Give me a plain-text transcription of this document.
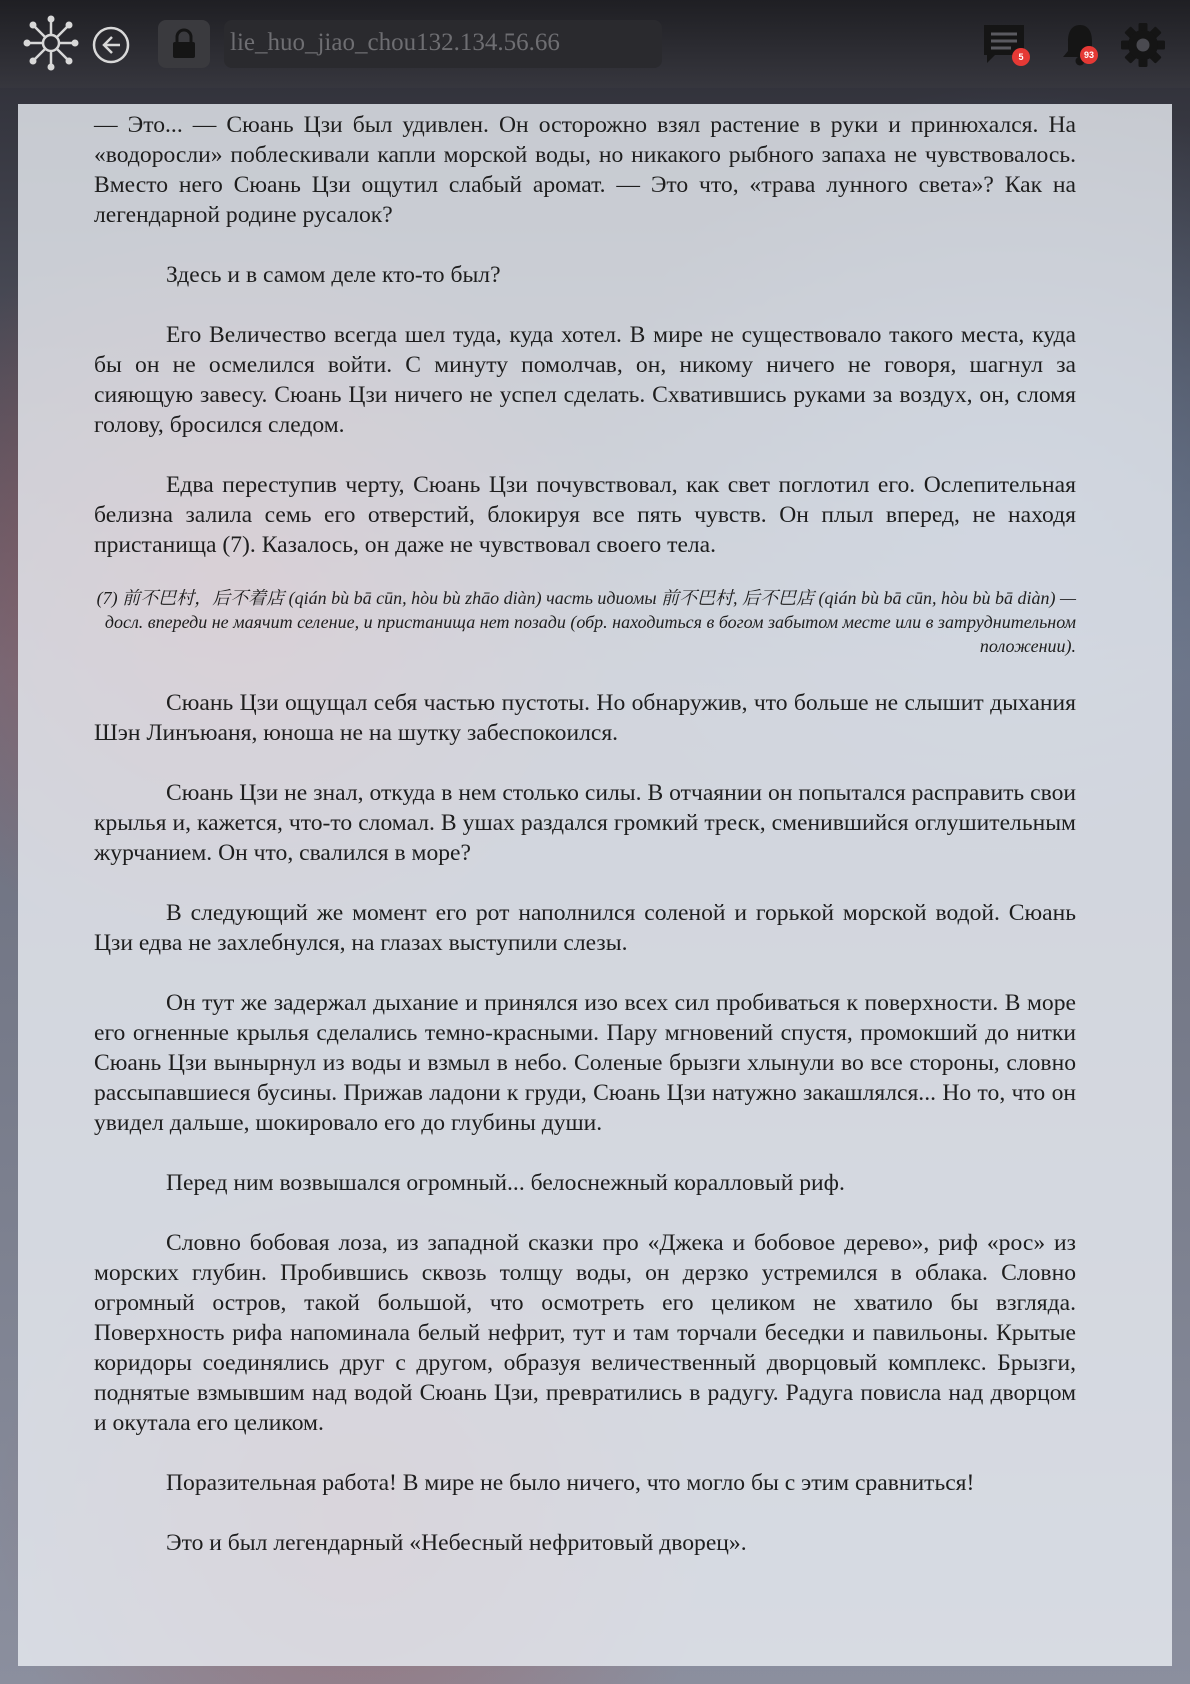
lie_huo_jiao_chou132.134.56.66
5	93

— Это... — Сюань Цзи был удивлен. Он осторожно взял растение в руки и принюхался. На «водоросли» поблескивали капли морской воды, но никакого рыбного запаха не чувствовалось. Вместо него Сюань Цзи ощутил слабый аромат. — Это что, «трава лунного света»? Как на легендарной родине русалок?

Здесь и в самом деле кто-то был?

Его Величество всегда шел туда, куда хотел. В мире не существовало такого места, куда бы он не осмелился войти. С минуту помолчав, он, никому ничего не говоря, шагнул за сияющую завесу. Сюань Цзи ничего не успел сделать. Схватившись руками за воздух, он, сломя голову, бросился следом.

Едва переступив черту, Сюань Цзи почувствовал, как свет поглотил его. Ослепительная белизна залила семь его отверстий, блокируя все пять чувств. Он плыл вперед, не находя пристанища (7). Казалось, он даже не чувствовал своего тела.

(7) 前不巴村，后不着店 (qián bù bā cūn, hòu bù zhāo diàn) часть идиомы 前不巴村, 后不巴店 (qián bù bā cūn, hòu bù bā diàn) — досл. впереди не маячит селение, и пристанища нет позади (обр. находиться в богом забытом месте или в затруднительном положении).

Сюань Цзи ощущал себя частью пустоты. Но обнаружив, что больше не слышит дыхания Шэн Линъюаня, юноша не на шутку забеспокоился.

Сюань Цзи не знал, откуда в нем столько силы. В отчаянии он попытался расправить свои крылья и, кажется, что-то сломал. В ушах раздался громкий треск, сменившийся оглушительным журчанием. Он что, свалился в море?

В следующий же момент его рот наполнился соленой и горькой морской водой. Сюань Цзи едва не захлебнулся, на глазах выступили слезы.

Он тут же задержал дыхание и принялся изо всех сил пробиваться к поверхности. В море его огненные крылья сделались темно-красными. Пару мгновений спустя, промокший до нитки Сюань Цзи вынырнул из воды и взмыл в небо. Соленые брызги хлынули во все стороны, словно рассыпавшиеся бусины. Прижав ладони к груди, Сюань Цзи натужно закашлялся... Но то, что он увидел дальше, шокировало его до глубины души.

Перед ним возвышался огромный... белоснежный коралловый риф.

Словно бобовая лоза, из западной сказки про «Джека и бобовое дерево», риф «рос» из морских глубин. Пробившись сквозь толщу воды, он дерзко устремился в облака. Словно огромный остров, такой большой, что осмотреть его целиком не хватило бы взгляда. Поверхность рифа напоминала белый нефрит, тут и там торчали беседки и павильоны. Крытые коридоры соединялись друг с другом, образуя величественный дворцовый комплекс. Брызги, поднятые взмывшим над водой Сюань Цзи, превратились в радугу. Радуга повисла над дворцом и окутала его целиком.

Поразительная работа! В мире не было ничего, что могло бы с этим сравниться!

Это и был легендарный «Небесный нефритовый дворец».
